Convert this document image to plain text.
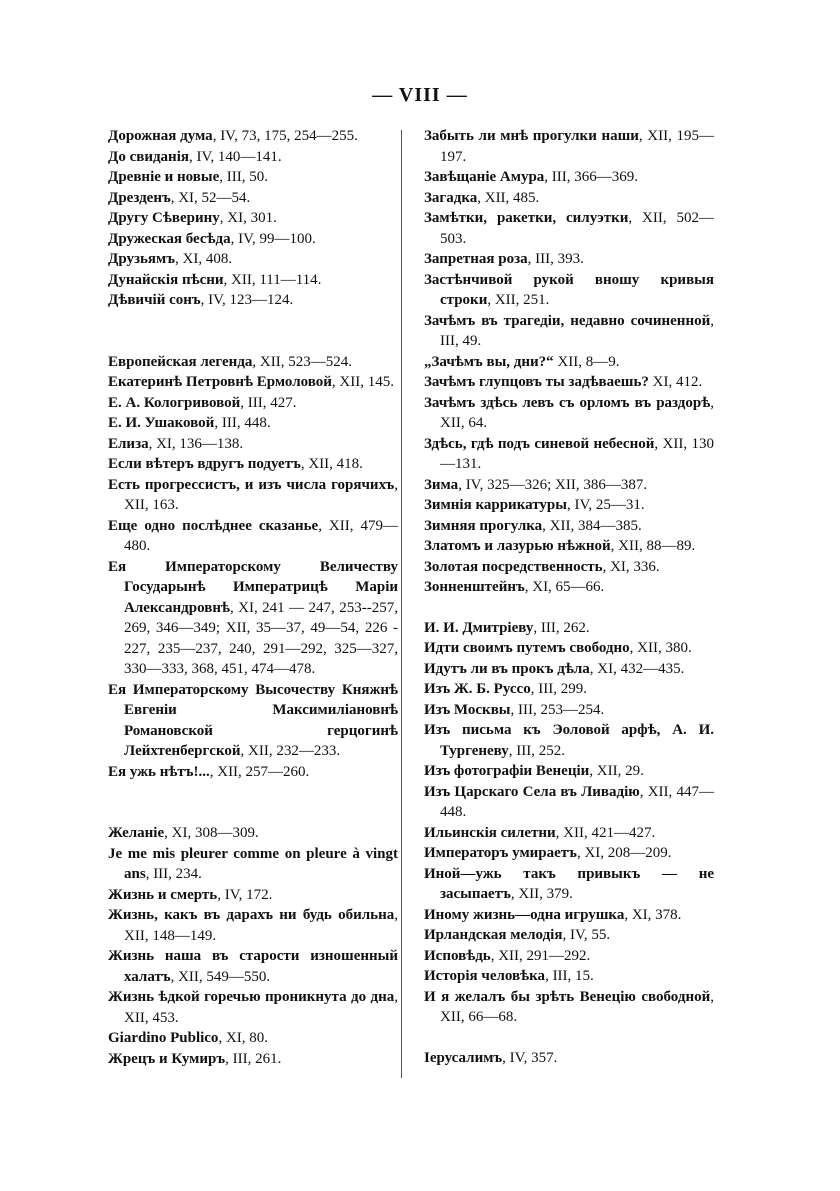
— VIII —
Дорожная дума, IV, 73, 175, 254—255.
До свиданія, IV, 140—141.
Древніе и новые, III, 50.
Дрезденъ, XI, 52—54.
Другу Сѣверину, XI, 301.
Дружеская бесѣда, IV, 99—100.
Друзьямъ, XI, 408.
Дунайскія пѣсни, XII, 111—114.
Дѣвичій сонъ, IV, 123—124.
Европейская легенда, XII, 523—524.
Екатеринѣ Петровнѣ Ермоловой, XII, 145.
Е. А. Кологривовой, III, 427.
Е. И. Ушаковой, III, 448.
Елиза, XI, 136—138.
Если вѣтеръ вдругъ подуетъ, XII, 418.
Есть прогрессистъ, и изъ числа горячихъ, XII, 163.
Еще одно послѣднее сказанье, XII, 479—480.
Ея Императорскому Величеству Государынѣ Императрицѣ Маріи Александровнѣ, XI, 241 — 247, 253--257, 269, 346—349; XII, 35—37, 49—54, 226 - 227, 235—237, 240, 291—292, 325—327, 330—333, 368, 451, 474—478.
Ея Императорскому Высочеству Княжнѣ Евгеніи Максимиліановнѣ Романовской герцогинѣ Лейхтенбергской, XII, 232—233.
Ея ужь нѣтъ!..., XII, 257—260.
Желаніе, XI, 308—309.
Je me mis pleurer comme on pleure à vingt ans, III, 234.
Жизнь и смерть, IV, 172.
Жизнь, какъ въ дарахъ ни будь обильна, XII, 148—149.
Жизнь наша въ старости изношенный халатъ, XII, 549—550.
Жизнь ѣдкой горечью проникнута до дна, XII, 453.
Giardino Publico, XI, 80.
Жрецъ и Кумиръ, III, 261.
Забыть ли мнѣ прогулки наши, XII, 195—197.
Завѣщаніе Амура, III, 366—369.
Загадка, XII, 485.
Замѣтки, ракетки, силуэтки, XII, 502—503.
Запретная роза, III, 393.
Застѣнчивой рукой вношу кривыя строки, XII, 251.
Зачѣмъ въ трагедіи, недавно сочиненной, III, 49.
„Зачѣмъ вы, дни?“ XII, 8—9.
Зачѣмъ глупцовъ ты задѣваешь? XI, 412.
Зачѣмъ здѣсь левъ съ орломъ въ раздорѣ, XII, 64.
Здѣсь, гдѣ подъ синевой небесной, XII, 130—131.
Зима, IV, 325—326; XII, 386—387.
Зимнія каррикатуры, IV, 25—31.
Зимняя прогулка, XII, 384—385.
Златомъ и лазурью нѣжной, XII, 88—89.
Золотая посредственность, XI, 336.
Зонненштейнъ, XI, 65—66.
И. И. Дмитріеву, III, 262.
Идти своимъ путемъ свободно, XII, 380.
Идутъ ли въ прокъ дѣла, XI, 432—435.
Изъ Ж. Б. Руссо, III, 299.
Изъ Москвы, III, 253—254.
Изъ письма къ Эоловой арфѣ, А. И. Тургеневу, III, 252.
Изъ фотографіи Венеціи, XII, 29.
Изъ Царскаго Села въ Ливадію, XII, 447—448.
Ильинскія силетни, XII, 421—427.
Императоръ умираетъ, XI, 208—209.
Иной—ужь такъ привыкъ — не засыпаетъ, XII, 379.
Иному жизнь—одна игрушка, XI, 378.
Ирландская мелодія, IV, 55.
Исповѣдь, XII, 291—292.
Исторія человѣка, III, 15.
И я желалъ бы зрѣть Венецію свободной, XII, 66—68.
Іерусалимъ, IV, 357.
